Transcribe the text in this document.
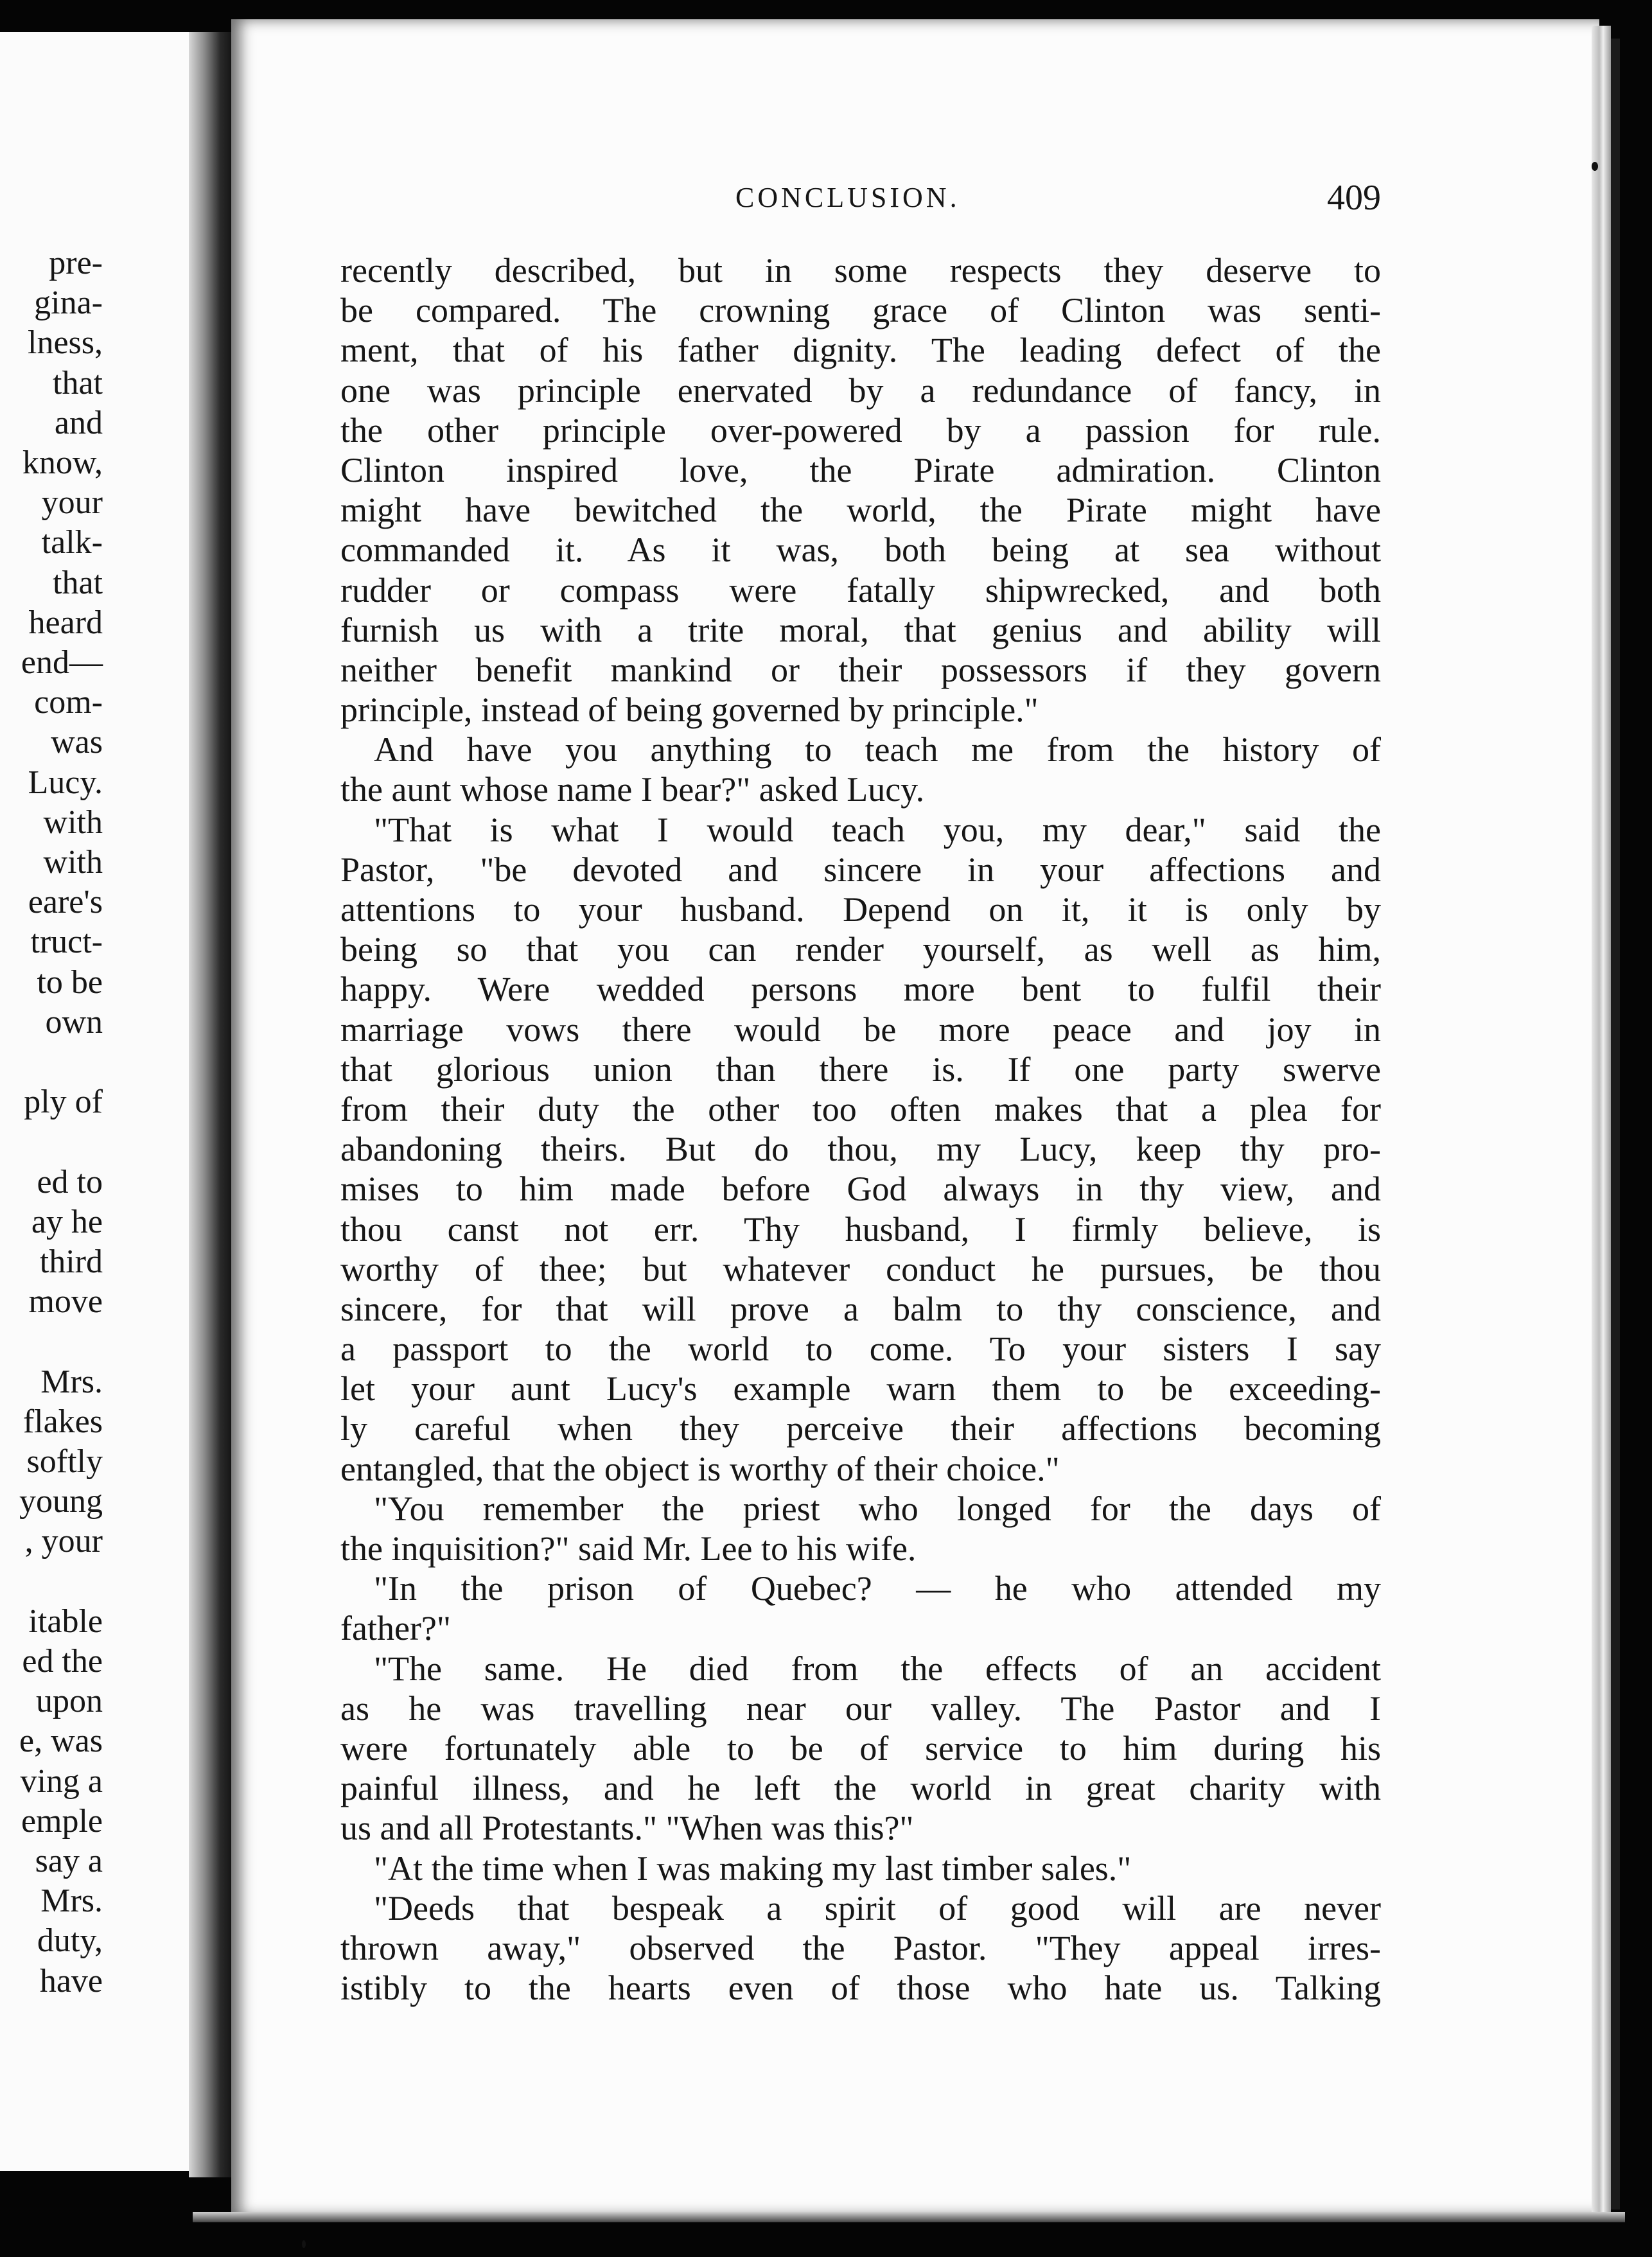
pre-
gina-
lness,
that
and
know,
your
talk-
that
heard
end—
com-
was
Lucy.
with
with
eare's
truct-
to be
own
ply of
ed to
ay he
third
move
Mrs.
flakes
softly
young
, your
itable
ed the
upon
e, was
ving a
emple
say a
Mrs.
duty,
have
CONCLUSION.	409
recently described, but in some respects they deserve to
be compared. The crowning grace of Clinton was senti-
ment, that of his father dignity. The leading defect of the
one was principle enervated by a redundance of fancy, in
the other principle over-powered by a passion for rule.
Clinton inspired love, the Pirate admiration. Clinton
might have bewitched the world, the Pirate might have
commanded it. As it was, both being at sea without
rudder or compass were fatally shipwrecked, and both
furnish us with a trite moral, that genius and ability will
neither benefit mankind or their possessors if they govern
principle, instead of being governed by principle."
And have you anything to teach me from the history of
the aunt whose name I bear?" asked Lucy.
"That is what I would teach you, my dear," said the
Pastor, "be devoted and sincere in your affections and
attentions to your husband. Depend on it, it is only by
being so that you can render yourself, as well as him,
happy. Were wedded persons more bent to fulfil their
marriage vows there would be more peace and joy in
that glorious union than there is. If one party swerve
from their duty the other too often makes that a plea for
abandoning theirs. But do thou, my Lucy, keep thy pro-
mises to him made before God always in thy view, and
thou canst not err. Thy husband, I firmly believe, is
worthy of thee; but whatever conduct he pursues, be thou
sincere, for that will prove a balm to thy conscience, and
a passport to the world to come. To your sisters I say
let your aunt Lucy's example warn them to be exceeding-
ly careful when they perceive their affections becoming
entangled, that the object is worthy of their choice."
"You remember the priest who longed for the days of
the inquisition?" said Mr. Lee to his wife.
"In the prison of Quebec? — he who attended my
father?"
"The same. He died from the effects of an accident
as he was travelling near our valley. The Pastor and I
were fortunately able to be of service to him during his
painful illness, and he left the world in great charity with
us and all Protestants." "When was this?"
"At the time when I was making my last timber sales."
"Deeds that bespeak a spirit of good will are never
thrown away," observed the Pastor. "They appeal irres-
istibly to the hearts even of those who hate us. Talking
